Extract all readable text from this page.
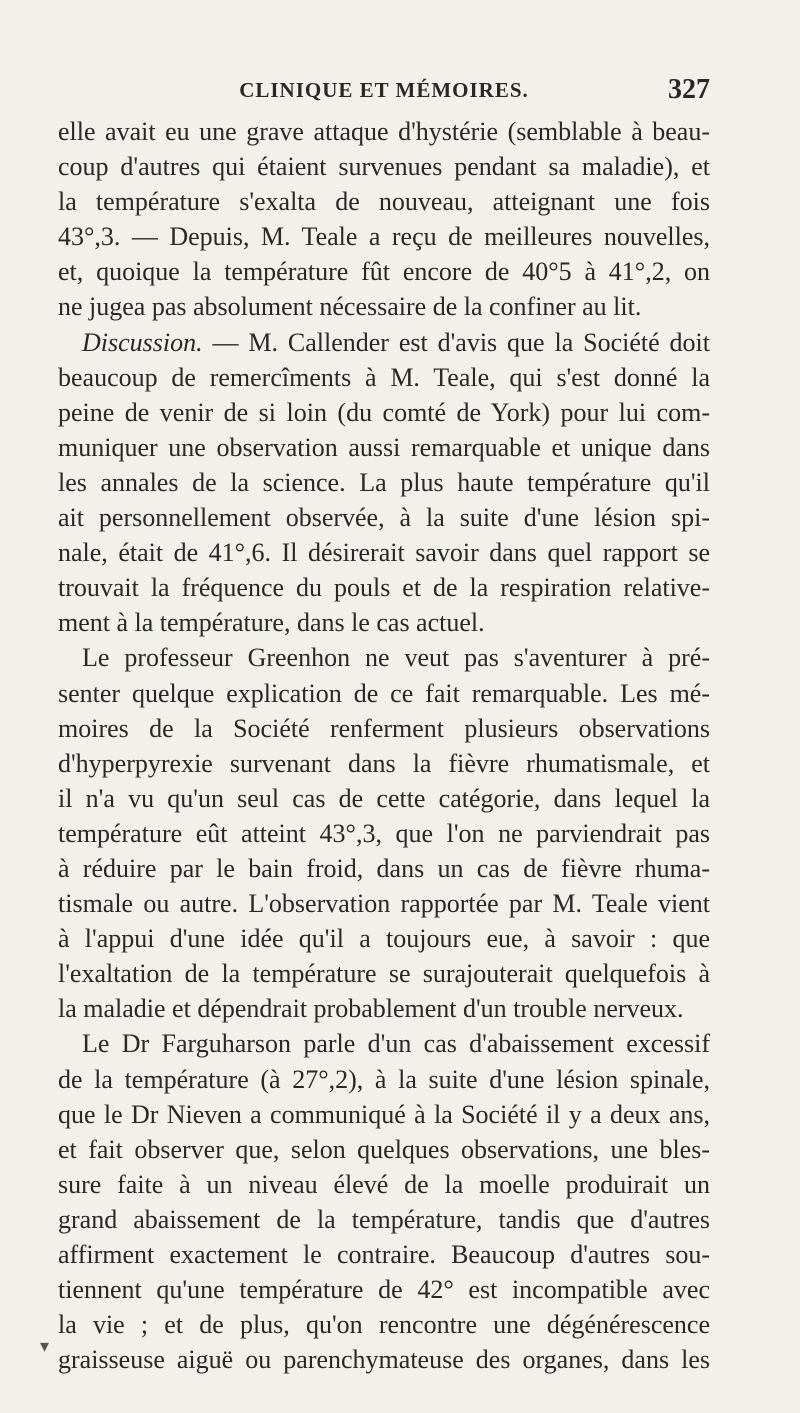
CLINIQUE ET MÉMOIRES.	327
elle avait eu une grave attaque d'hystérie (semblable à beau-
coup d'autres qui étaient survenues pendant sa maladie), et
la température s'exalta de nouveau, atteignant une fois
43°,3. — Depuis, M. Teale a reçu de meilleures nouvelles,
et, quoique la température fût encore de 40°5 à 41°,2, on
ne jugea pas absolument nécessaire de la confiner au lit.
Discussion. — M. Callender est d'avis que la Société doit
beaucoup de remercîments à M. Teale, qui s'est donné la
peine de venir de si loin (du comté de York) pour lui com-
muniquer une observation aussi remarquable et unique dans
les annales de la science. La plus haute température qu'il
ait personnellement observée, à la suite d'une lésion spi-
nale, était de 41°,6. Il désirerait savoir dans quel rapport se
trouvait la fréquence du pouls et de la respiration relative-
ment à la température, dans le cas actuel.
Le professeur Greenhon ne veut pas s'aventurer à pré-
senter quelque explication de ce fait remarquable. Les mé-
moires de la Société renferment plusieurs observations
d'hyperpyrexie survenant dans la fièvre rhumatismale, et
il n'a vu qu'un seul cas de cette catégorie, dans lequel la
température eût atteint 43°,3, que l'on ne parviendrait pas
à réduire par le bain froid, dans un cas de fièvre rhuma-
tismale ou autre. L'observation rapportée par M. Teale vient
à l'appui d'une idée qu'il a toujours eue, à savoir : que
l'exaltation de la température se surajouterait quelquefois à
la maladie et dépendrait probablement d'un trouble nerveux.
Le Dr Farguharson parle d'un cas d'abaissement excessif
de la température (à 27°,2), à la suite d'une lésion spinale,
que le Dr Nieven a communiqué à la Société il y a deux ans,
et fait observer que, selon quelques observations, une bles-
sure faite à un niveau élevé de la moelle produirait un
grand abaissement de la température, tandis que d'autres
affirment exactement le contraire. Beaucoup d'autres sou-
tiennent qu'une température de 42° est incompatible avec
la vie ; et de plus, qu'on rencontre une dégénérescence
graisseuse aiguë ou parenchymateuse des organes, dans les
▾
